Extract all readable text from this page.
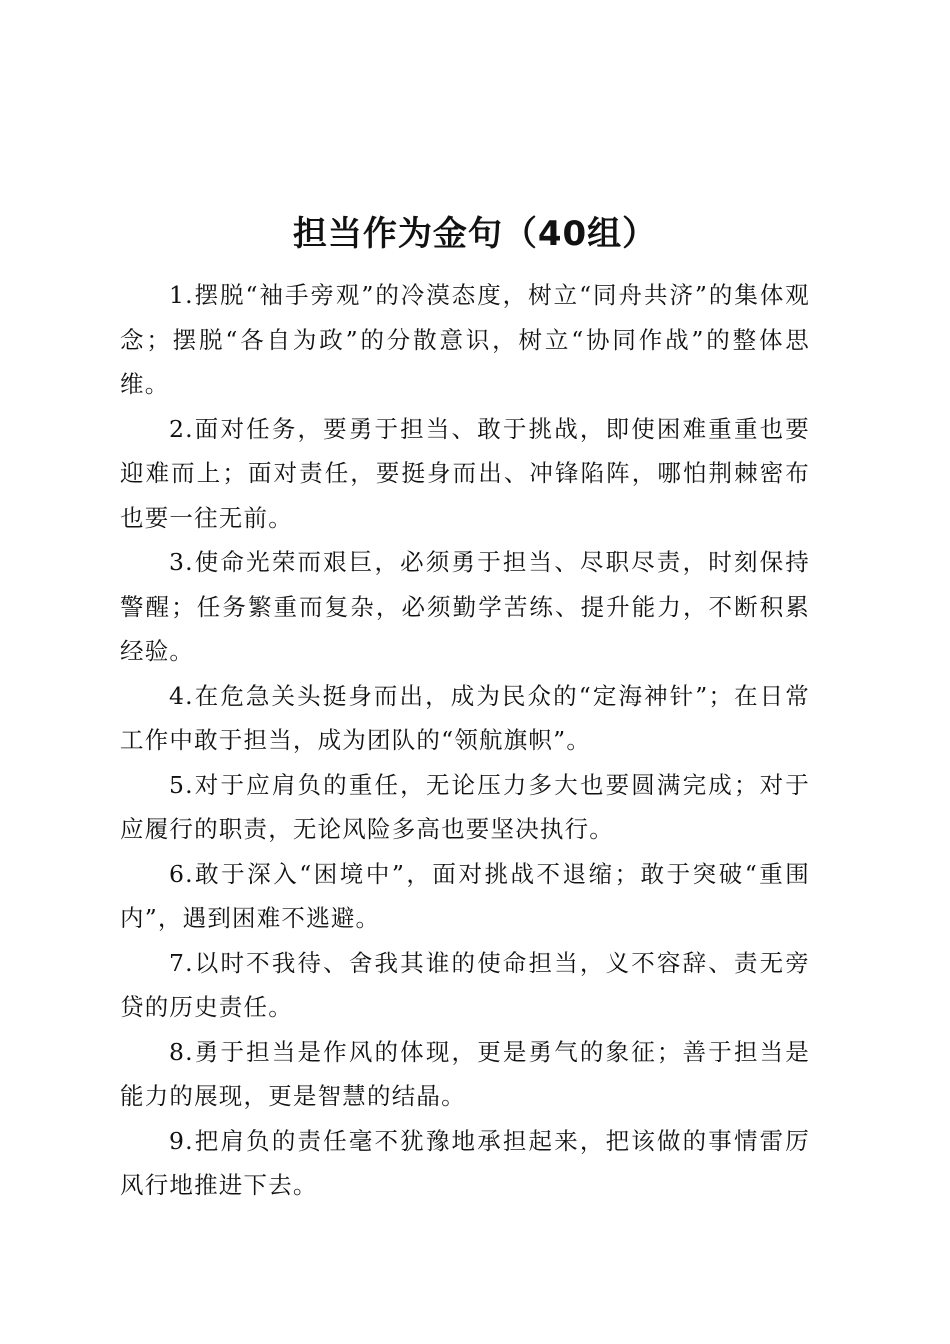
担当作为金句（40组）

1.摆脱“袖手旁观”的冷漠态度，树立“同舟共济”的集体观念；摆脱“各自为政”的分散意识，树立“协同作战”的整体思维。

2.面对任务，要勇于担当、敢于挑战，即使困难重重也要迎难而上；面对责任，要挺身而出、冲锋陷阵，哪怕荆棘密布也要一往无前。

3.使命光荣而艰巨，必须勇于担当、尽职尽责，时刻保持警醒；任务繁重而复杂，必须勤学苦练、提升能力，不断积累经验。

4.在危急关头挺身而出，成为民众的“定海神针”；在日常工作中敢于担当，成为团队的“领航旗帜”。

5.对于应肩负的重任，无论压力多大也要圆满完成；对于应履行的职责，无论风险多高也要坚决执行。

6.敢于深入“困境中”，面对挑战不退缩；敢于突破“重围内”，遇到困难不逃避。

7.以时不我待、舍我其谁的使命担当，义不容辞、责无旁贷的历史责任。

8.勇于担当是作风的体现，更是勇气的象征；善于担当是能力的展现，更是智慧的结晶。

9.把肩负的责任毫不犹豫地承担起来，把该做的事情雷厉风行地推进下去。
